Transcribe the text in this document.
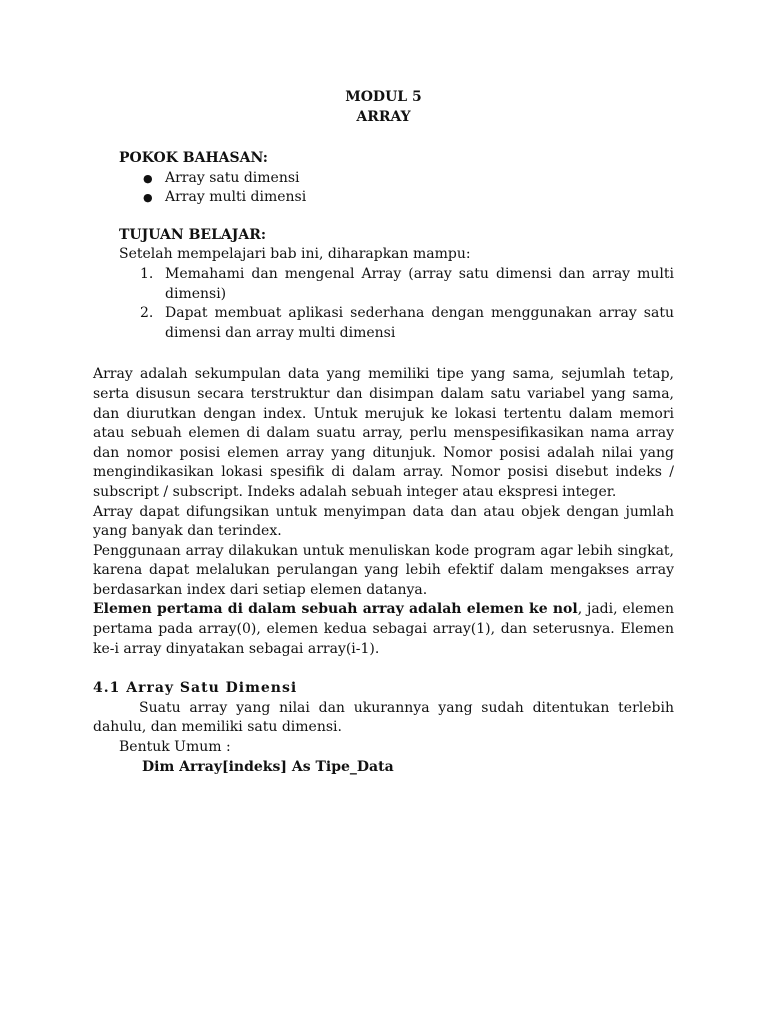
MODUL 5
ARRAY
POKOK BAHASAN:
● Array satu dimensi
● Array multi dimensi
TUJUAN BELAJAR:
Setelah mempelajari bab ini, diharapkan mampu:
1. Memahami dan mengenal Array (array satu dimensi dan array multi dimensi)
2. Dapat membuat aplikasi sederhana dengan menggunakan array satu dimensi dan array multi dimensi

Array adalah sekumpulan data yang memiliki tipe yang sama, sejumlah tetap, serta disusun secara terstruktur dan disimpan dalam satu variabel yang sama, dan diurutkan dengan index. Untuk merujuk ke lokasi tertentu dalam memori atau sebuah elemen di dalam suatu array, perlu menspesifikasikan nama array dan nomor posisi elemen array yang ditunjuk. Nomor posisi adalah nilai yang mengindikasikan lokasi spesifik di dalam array. Nomor posisi disebut indeks / subscript / subscript. Indeks adalah sebuah integer atau ekspresi integer.

Array dapat difungsikan untuk menyimpan data dan atau objek dengan jumlah yang banyak dan terindex.

Penggunaan array dilakukan untuk menuliskan kode program agar lebih singkat, karena dapat melalukan perulangan yang lebih efektif dalam mengakses array berdasarkan index dari setiap elemen datanya.

Elemen pertama di dalam sebuah array adalah elemen ke nol, jadi, elemen pertama pada array(0), elemen kedua sebagai array(1), dan seterusnya. Elemen ke-i array dinyatakan sebagai array(i-1).

4.1 Array Satu Dimensi
Suatu array yang nilai dan ukurannya yang sudah ditentukan terlebih dahulu, dan memiliki satu dimensi.
Bentuk Umum :
Dim Array[indeks] As Tipe_Data
